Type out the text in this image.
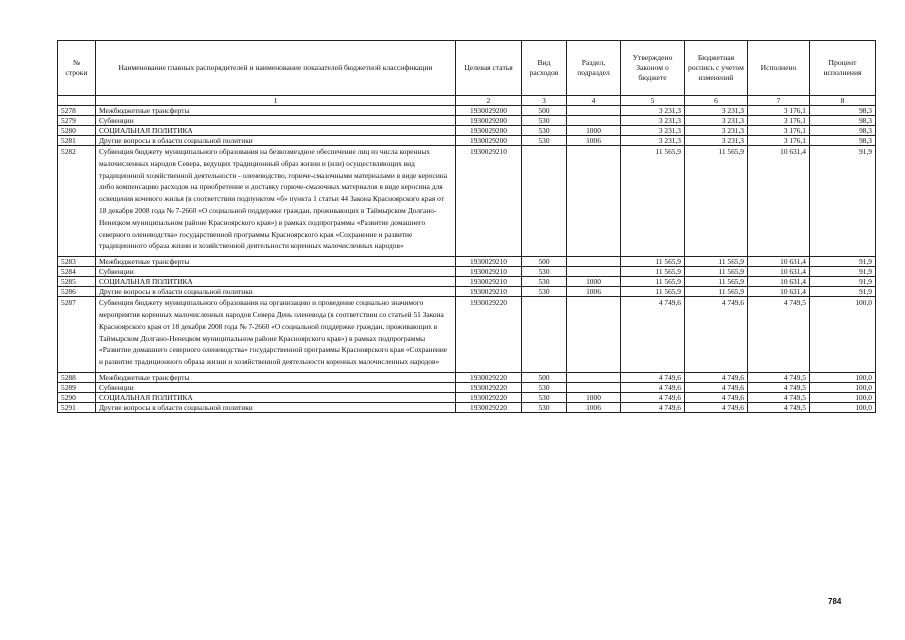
№ строки	Наименование главных распорядителей и наименование показателей бюджетной классификации	Целевая статья	Вид расходов	Раздел, подраздел	Утверждено Законом о бюджете	Бюджетная роспись с учетом изменений	Исполнено	Процент исполнения
	1	2	3	4	5	6	7	8
5278	Межбюджетные трансферты	1930029200	500		3 231,3	3 231,3	3 176,1	98,3
5279	Субвенции	1930029200	530		3 231,3	3 231,3	3 176,1	98,3
5280	СОЦИАЛЬНАЯ ПОЛИТИКА	1930029200	530	1000	3 231,3	3 231,3	3 176,1	98,3
5281	Другие вопросы в области социальной политики	1930029200	530	1006	3 231,3	3 231,3	3 176,1	98,3
5282	Субвенция бюджету муниципального образования на безвозмездное обеспечение лиц из числа коренных малочисленных народов Севера, ведущих традиционный образ жизни и (или) осуществляющих вид традиционной хозяйственной деятельности - оленеводство, горюче-смазочными материалами в виде керосина либо компенсацию расходов на приобретение и доставку горюче-смазочных материалов в виде керосина для освещения кочевого жилья (в соответствии подпунктом «б» пункта 1 статьи 44 Закона Красноярского края от 18 декабря 2008 года № 7-2660 «О социальной поддержке граждан, проживающих в Таймырском Долгано-Ненецком муниципальном районе Красноярского края») в рамках подпрограммы «Развитие домашнего северного оленеводства» государственной программы Красноярского края «Сохранение и развитие традиционного образа жизни и хозяйственной деятельности коренных малочисленных народов»	1930029210			11 565,9	11 565,9	10 631,4	91,9
5283	Межбюджетные трансферты	1930029210	500		11 565,9	11 565,9	10 631,4	91,9
5284	Субвенции	1930029210	530		11 565,9	11 565,9	10 631,4	91,9
5285	СОЦИАЛЬНАЯ ПОЛИТИКА	1930029210	530	1000	11 565,9	11 565,9	10 631,4	91,9
5286	Другие вопросы в области социальной политики	1930029210	530	1006	11 565,9	11 565,9	10 631,4	91,9
5287	Субвенция бюджету муниципального образования на организацию и проведение социально значимого мероприятия коренных малочисленных народов Севера День оленевода (в соответствии со статьей 51 Закона Красноярского края от 18 декабря 2008 года № 7-2660 «О социальной поддержке граждан, проживающих в Таймырском Долгано-Ненецком муниципальном районе Красноярского края») в рамках подпрограммы «Развитие домашнего северного оленеводства» государственной программы Красноярского края «Сохранение и развитие традиционного образа жизни и хозяйственной деятельности коренных малочисленных народов»	1930029220			4 749,6	4 749,6	4 749,5	100,0
5288	Межбюджетные трансферты	1930029220	500		4 749,6	4 749,6	4 749,5	100,0
5289	Субвенции	1930029220	530		4 749,6	4 749,6	4 749,5	100,0
5290	СОЦИАЛЬНАЯ ПОЛИТИКА	1930029220	530	1000	4 749,6	4 749,6	4 749,5	100,0
5291	Другие вопросы в области социальной политики	1930029220	530	1006	4 749,6	4 749,6	4 749,5	100,0
784
